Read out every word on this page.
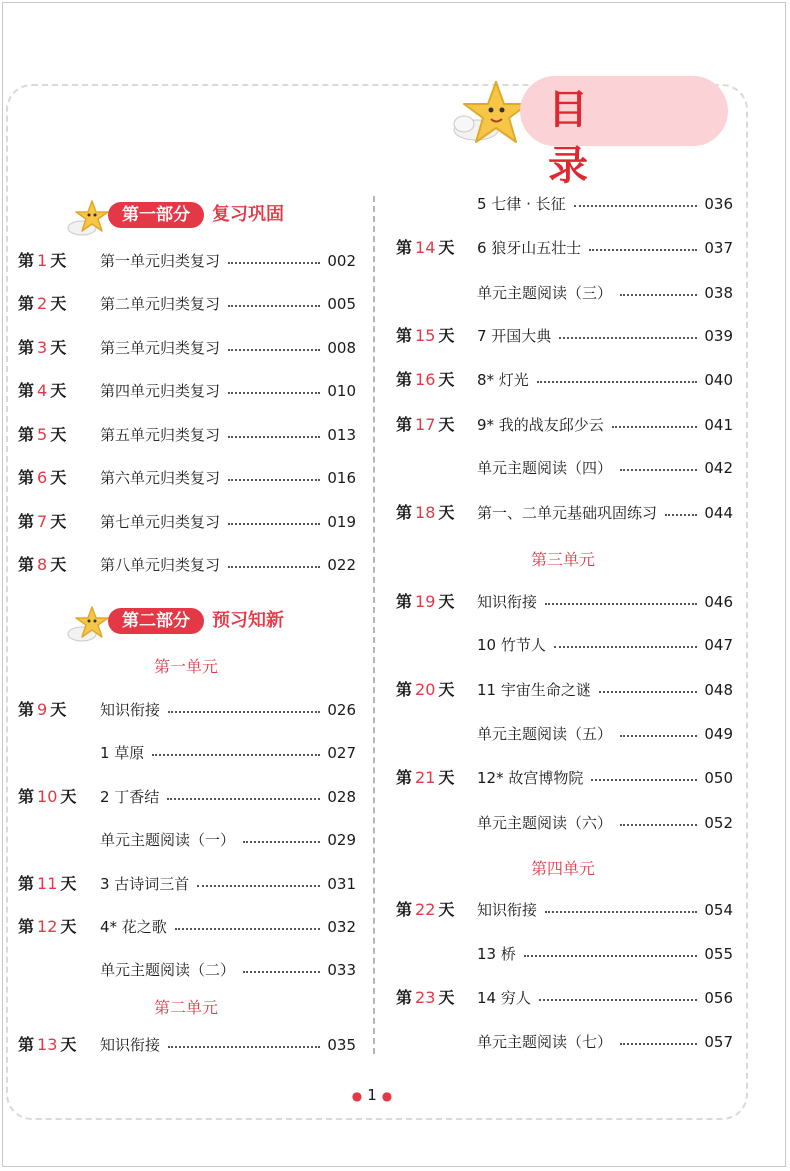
目 录
第一部分	复习巩固
第二部分	预习知新
第一单元
第二单元
第三单元
第四单元
第 1 天 第一单元归类复习	002
第 2 天 第二单元归类复习	005
第 3 天 第三单元归类复习	008
第 4 天 第四单元归类复习	010
第 5 天 第五单元归类复习	013
第 6 天 第六单元归类复习	016
第 7 天 第七单元归类复习	019
第 8 天 第八单元归类复习	022
第 9 天 知识衔接	026
1 草原	027
第 10 天 2 丁香结	028
单元主题阅读（一）	029
第 11 天 3 古诗词三首	031
第 12 天 4* 花之歌	032
单元主题阅读（二）	033
第 13 天 知识衔接	035
5 七律 · 长征	036
第 14 天 6 狼牙山五壮士	037
单元主题阅读（三）	038
第 15 天 7 开国大典	039
第 16 天 8* 灯光	040
第 17 天 9* 我的战友邱少云	041
单元主题阅读（四）	042
第 18 天 第一、二单元基础巩固练习	044
第 19 天 知识衔接	046
10 竹节人	047
第 20 天 11 宇宙生命之谜	048
单元主题阅读（五）	049
第 21 天 12* 故宫博物院	050
单元主题阅读（六）	052
第 22 天 知识衔接	054
13 桥	055
第 23 天 14 穷人	056
单元主题阅读（七）	057
● 1 ●
